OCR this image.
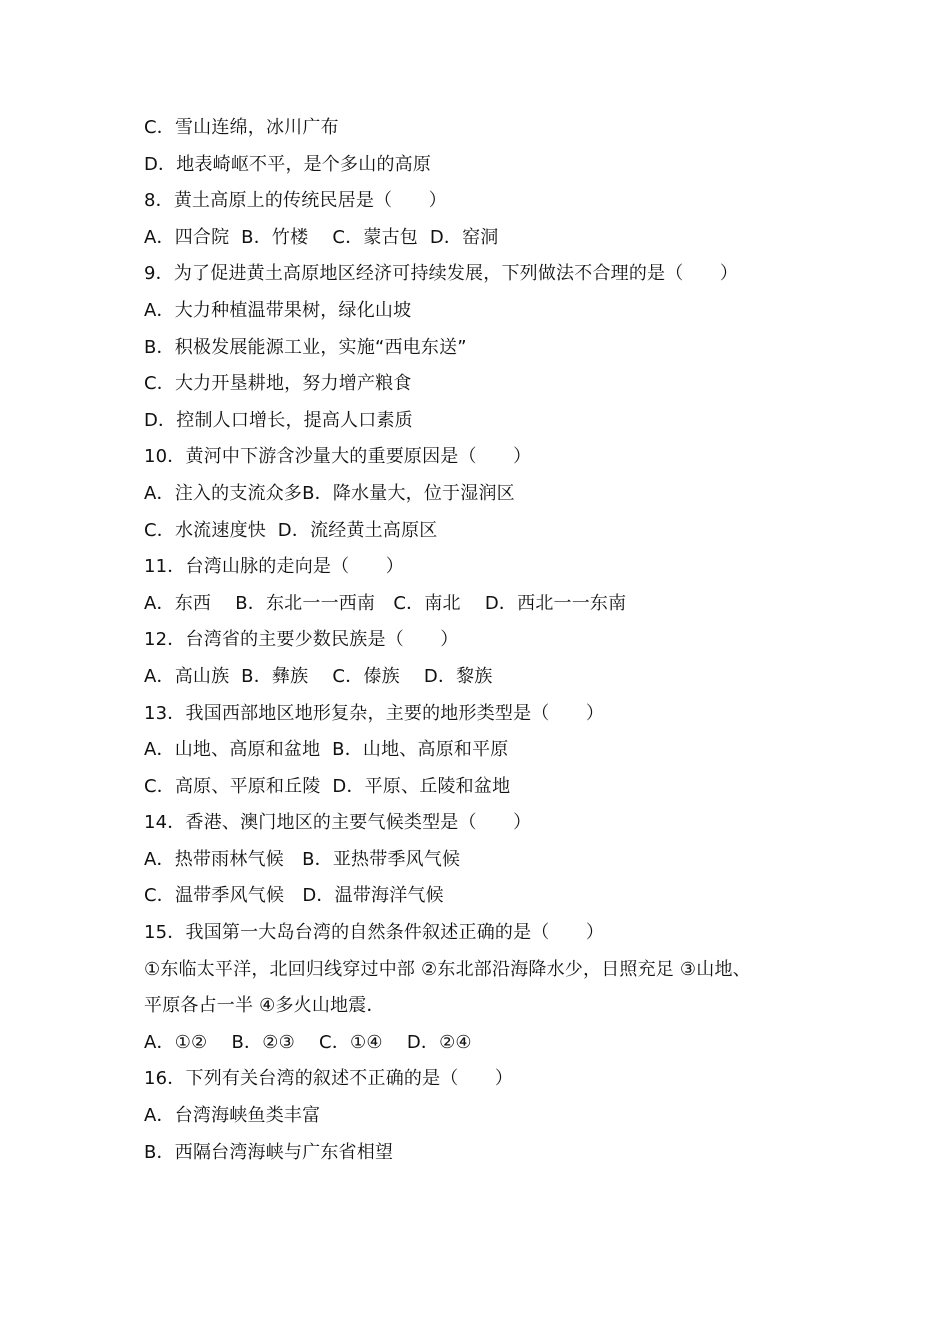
C．雪山连绵，冰川广布
D．地表崎岖不平，是个多山的高原
8．黄土高原上的传统民居是（　　）
A．四合院  B．竹楼　 C．蒙古包  D．窑洞
9．为了促进黄土高原地区经济可持续发展，下列做法不合理的是（　　）
A．大力种植温带果树，绿化山坡
B．积极发展能源工业，实施“西电东送”
C．大力开垦耕地，努力增产粮食
D．控制人口增长，提高人口素质
10．黄河中下游含沙量大的重要原因是（　　）
A．注入的支流众多B．降水量大，位于湿润区
C．水流速度快  D．流经黄土高原区
11．台湾山脉的走向是（　　）
A．东西　 B．东北一一西南　C．南北　 D．西北一一东南
12．台湾省的主要少数民族是（　　）
A．高山族  B．彝族　 C．傣族　 D．黎族
13．我国西部地区地形复杂，主要的地形类型是（　　）
A．山地、高原和盆地  B．山地、高原和平原
C．高原、平原和丘陵  D．平原、丘陵和盆地
14．香港、澳门地区的主要气候类型是（　　）
A．热带雨林气候　B．亚热带季风气候
C．温带季风气候　D．温带海洋气候
15．我国第一大岛台湾的自然条件叙述正确的是（　　）
①东临太平洋，北回归线穿过中部 ②东北部沿海降水少，日照充足 ③山地、
平原各占一半 ④多火山地震．
A．①②　 B．②③　 C．①④　 D．②④
16．下列有关台湾的叙述不正确的是（　　）
A．台湾海峡鱼类丰富
B．西隔台湾海峡与广东省相望
